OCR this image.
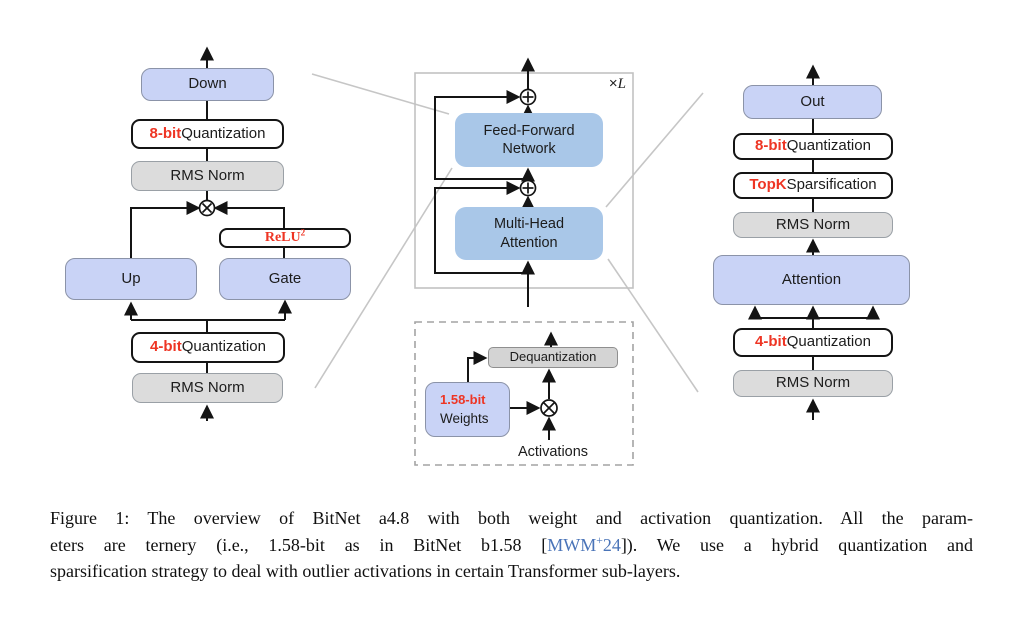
Down
8-bit Quantization
RMS Norm
ReLU$^2$
Up	Gate
4-bit Quantization
RMS Norm
×L
Feed-Forward
Network
Multi-Head
Attention
Dequantization
1.58-bit
Weights
Activations
Out
8-bit Quantization
TopK Sparsification
RMS Norm
Attention
4-bit Quantization
RMS Norm
Figure 1: The overview of BitNet a4.8 with both weight and activation quantization. All the param-
eters are ternery (i.e., 1.58-bit as in BitNet b1.58 [MWM+24]). We use a hybrid quantization and
sparsification strategy to deal with outlier activations in certain Transformer sub-layers.
